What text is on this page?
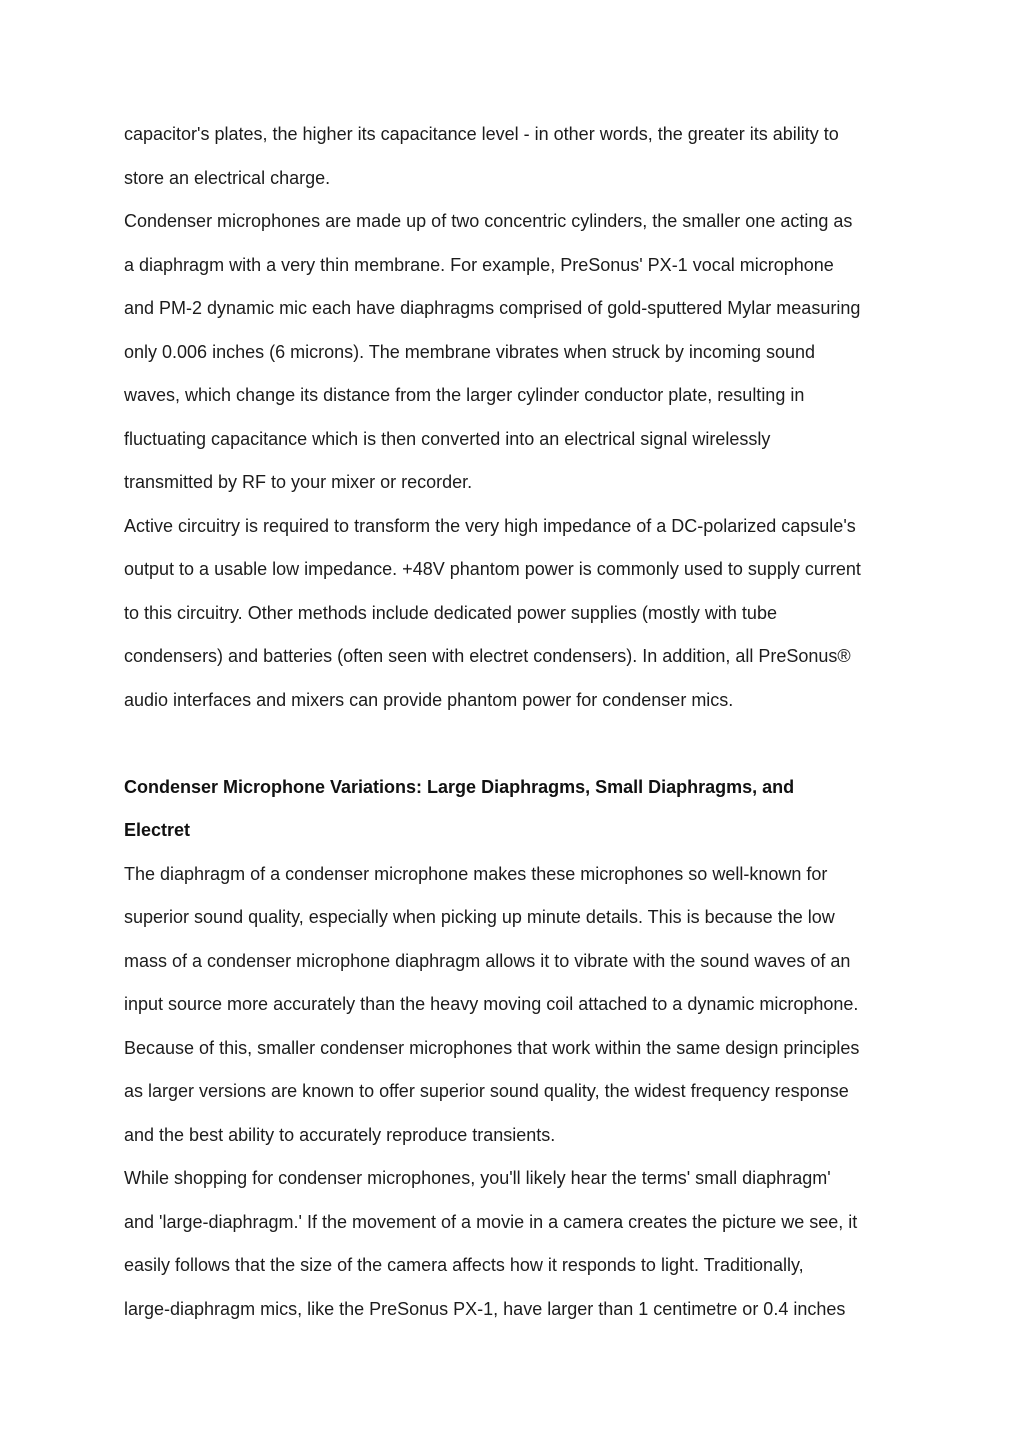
capacitor's plates, the higher its capacitance level - in other words, the greater its ability to
store an electrical charge.
Condenser microphones are made up of two concentric cylinders, the smaller one acting as
a diaphragm with a very thin membrane. For example, PreSonus' PX-1 vocal microphone
and PM-2 dynamic mic each have diaphragms comprised of gold-sputtered Mylar measuring
only 0.006 inches (6 microns). The membrane vibrates when struck by incoming sound
waves, which change its distance from the larger cylinder conductor plate, resulting in
fluctuating capacitance which is then converted into an electrical signal wirelessly
transmitted by RF to your mixer or recorder.
Active circuitry is required to transform the very high impedance of a DC-polarized capsule's
output to a usable low impedance. +48V phantom power is commonly used to supply current
to this circuitry. Other methods include dedicated power supplies (mostly with tube
condensers) and batteries (often seen with electret condensers). In addition, all PreSonus®
audio interfaces and mixers can provide phantom power for condenser mics.
Condenser Microphone Variations: Large Diaphragms, Small Diaphragms, and
Electret
The diaphragm of a condenser microphone makes these microphones so well-known for
superior sound quality, especially when picking up minute details. This is because the low
mass of a condenser microphone diaphragm allows it to vibrate with the sound waves of an
input source more accurately than the heavy moving coil attached to a dynamic microphone.
Because of this, smaller condenser microphones that work within the same design principles
as larger versions are known to offer superior sound quality, the widest frequency response
and the best ability to accurately reproduce transients.
While shopping for condenser microphones, you'll likely hear the terms' small diaphragm'
and 'large-diaphragm.' If the movement of a movie in a camera creates the picture we see, it
easily follows that the size of the camera affects how it responds to light. Traditionally,
large-diaphragm mics, like the PreSonus PX-1, have larger than 1 centimetre or 0.4 inches
